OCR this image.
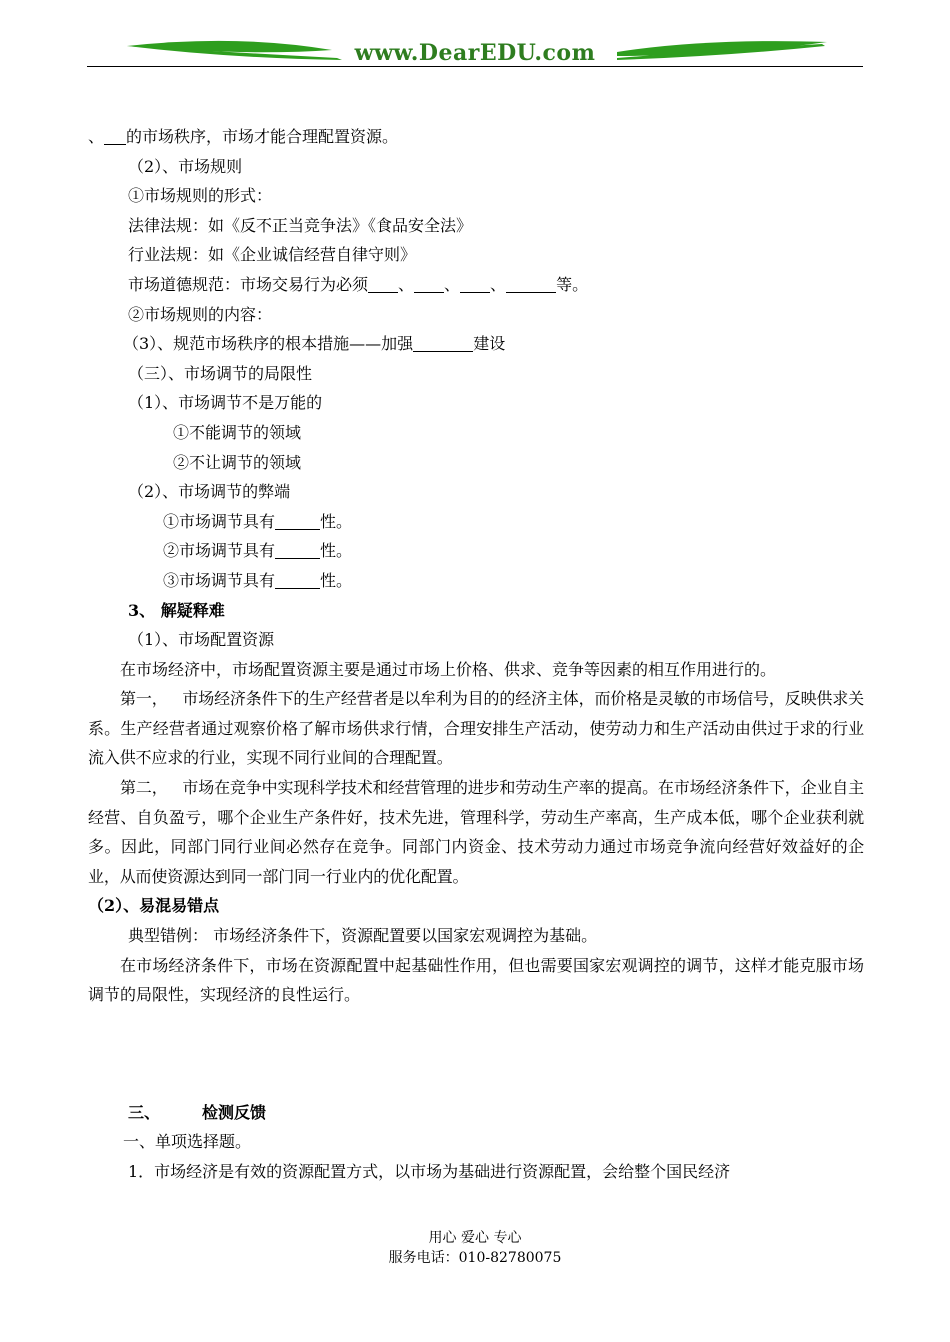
www.DearEDU.com
、 的市场秩序，市场才能合理配置资源。
（2）、市场规则
①市场规则的形式：
法律法规：如《反不正当竞争法》《食品安全法》
行业法规：如《企业诚信经营自律守则》
市场道德规范：市场交易行为必须 、 、 、	等。
②市场规则的内容：
（3）、规范市场秩序的根本措施——加强	建设
（三）、市场调节的局限性
（1）、市场调节不是万能的
①不能调节的领域
②不让调节的领域
（2）、市场调节的弊端
①市场调节具有	性。
②市场调节具有	性。
③市场调节具有	性。
3、 解疑释难
（1）、市场配置资源
在市场经济中，市场配置资源主要是通过市场上价格、供求、竞争等因素的相互作用进行的。
第一，   市场经济条件下的生产经营者是以牟利为目的的经济主体，而价格是灵敏的市场信号，反映供求关系。生产经营者通过观察价格了解市场供求行情，合理安排生产活动，使劳动力和生产活动由供过于求的行业流入供不应求的行业，实现不同行业间的合理配置。
第二，   市场在竞争中实现科学技术和经营管理的进步和劳动生产率的提高。在市场经济条件下，企业自主经营、自负盈亏，哪个企业生产条件好，技术先进，管理科学，劳动生产率高，生产成本低，哪个企业获利就多。因此，同部门同行业间必然存在竞争。同部门内资金、技术劳动力通过市场竞争流向经营好效益好的企业，从而使资源达到同一部门同一行业内的优化配置。
（2）、易混易错点
典型错例： 市场经济条件下，资源配置要以国家宏观调控为基础。
在市场经济条件下，市场在资源配置中起基础性作用，但也需要国家宏观调控的调节，这样才能克服市场调节的局限性，实现经济的良性运行。
三、	检测反馈
一、单项选择题。
1．市场经济是有效的资源配置方式，以市场为基础进行资源配置，会给整个国民经济
用心 爱心 专心
服务电话：010-82780075
